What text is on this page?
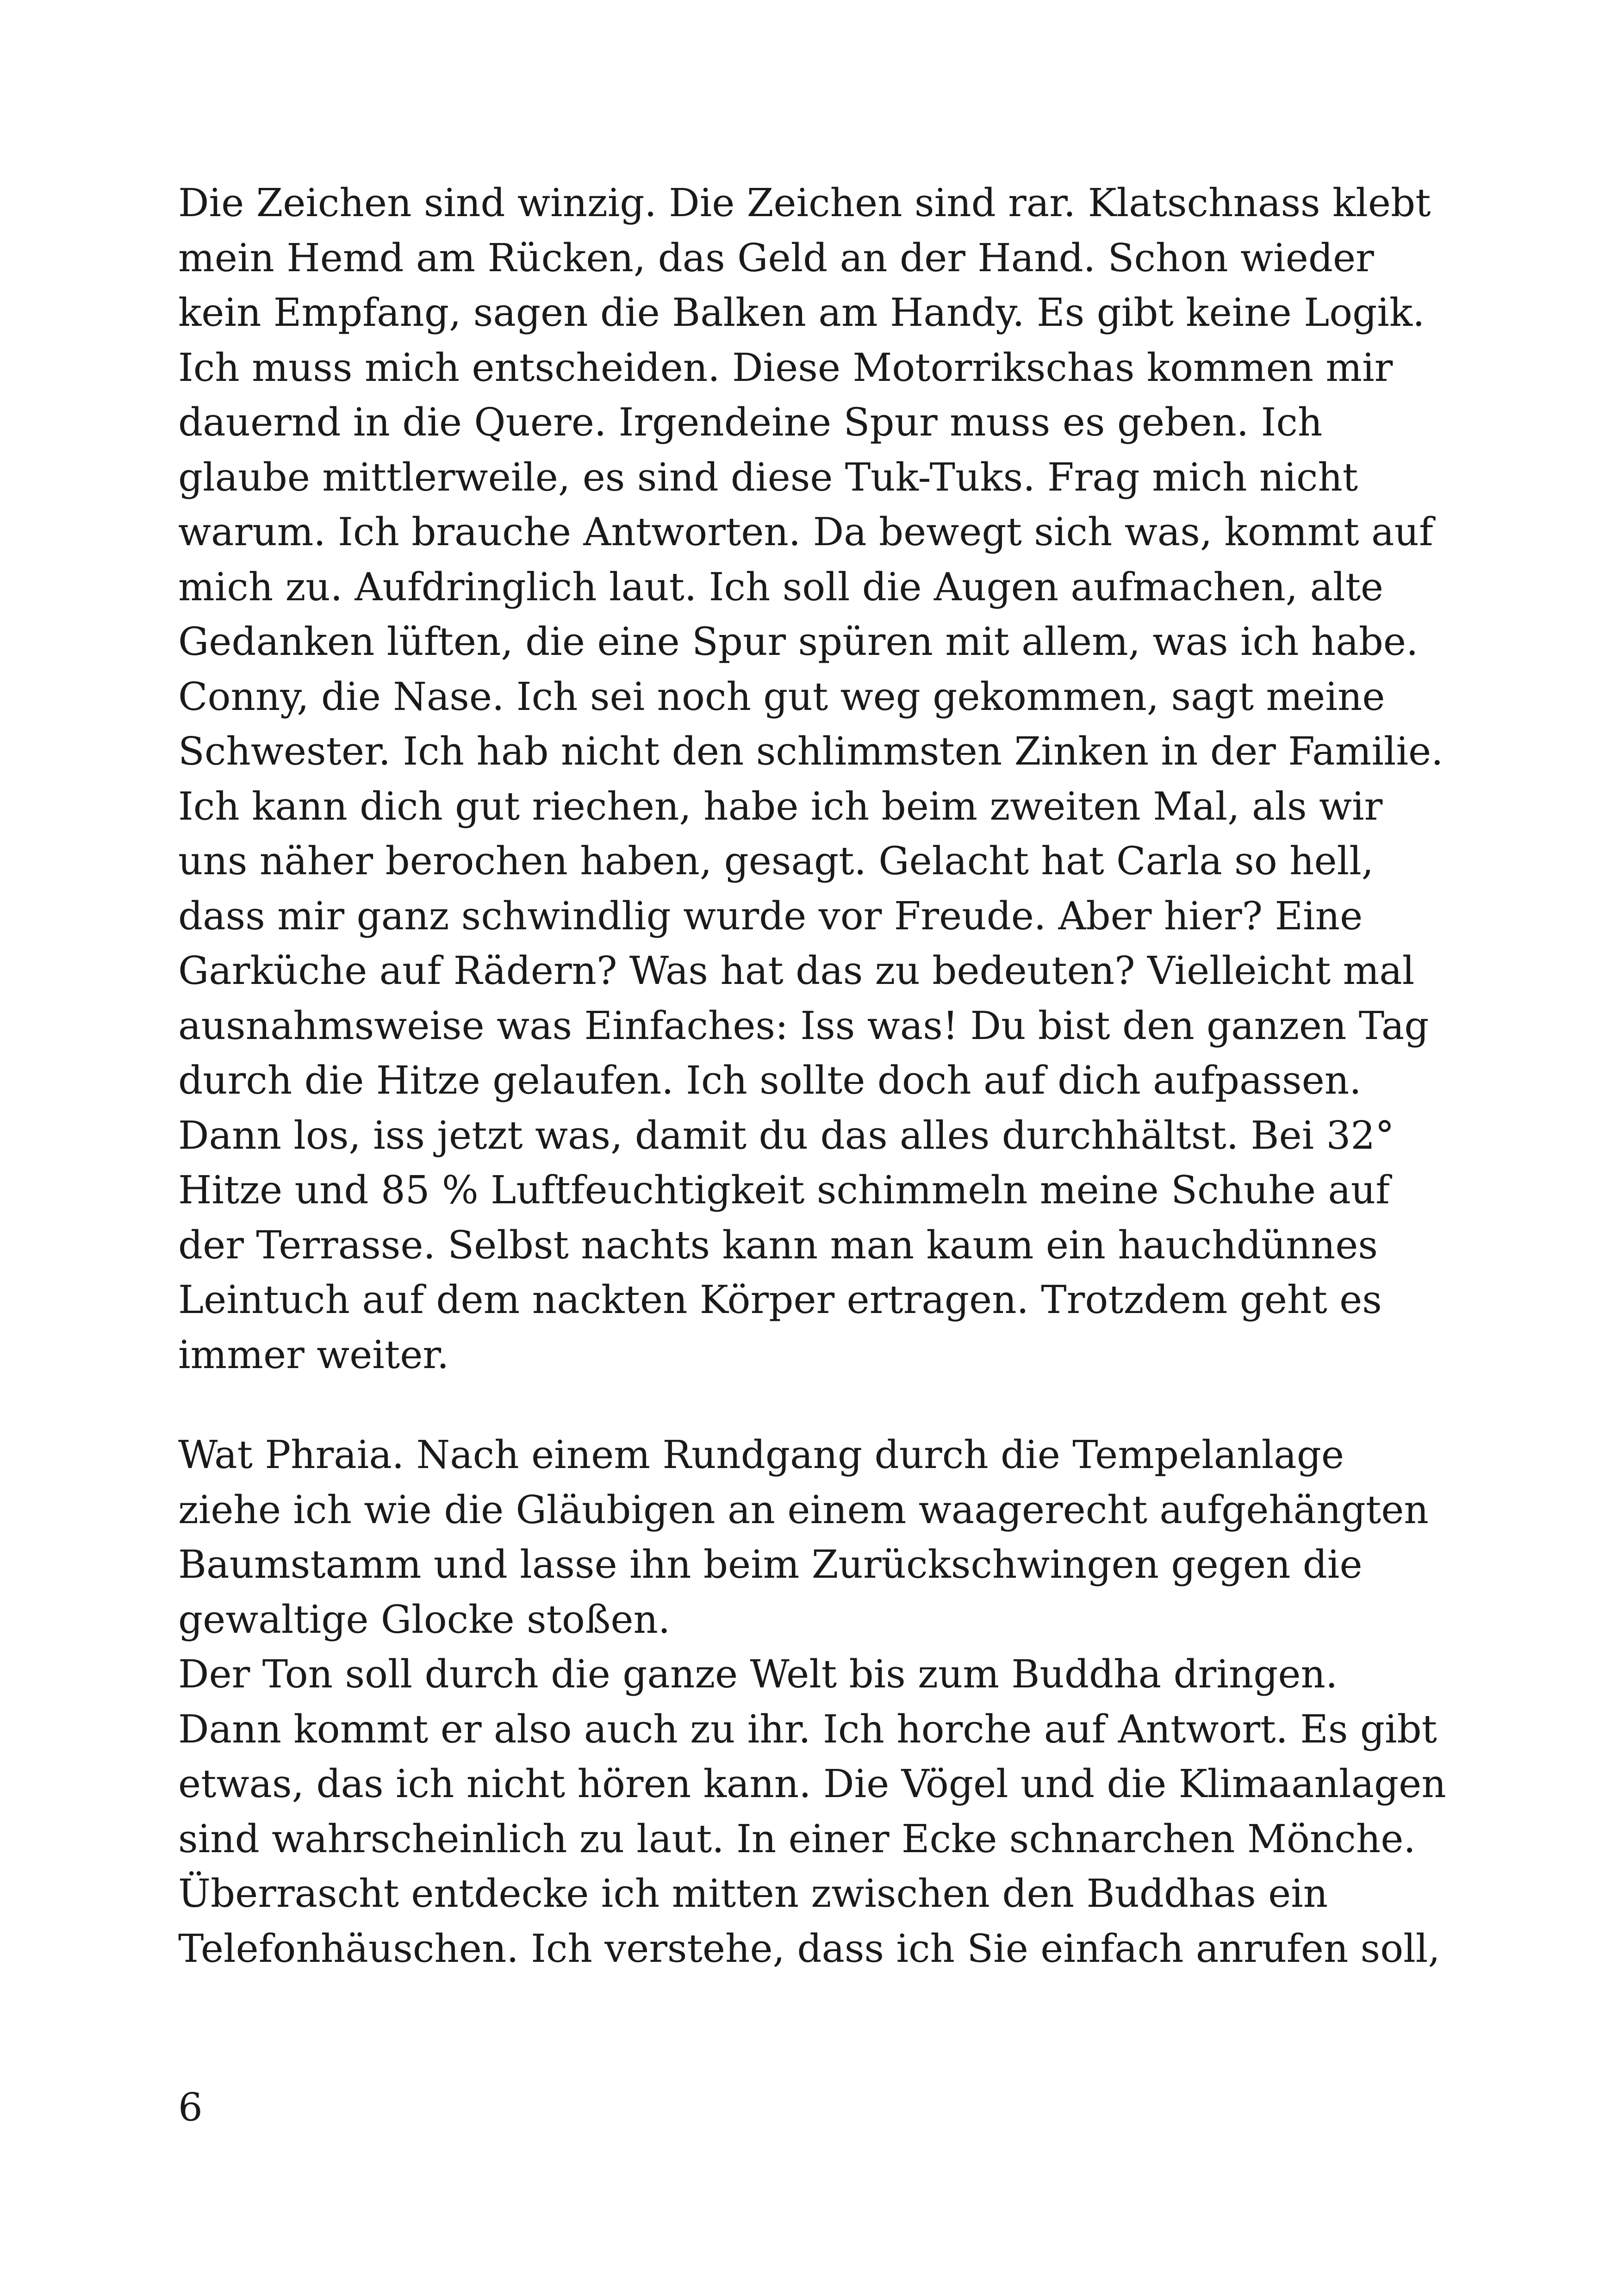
Die Zeichen sind winzig. Die Zeichen sind rar. Klatschnass klebt
mein Hemd am Rücken, das Geld an der Hand. Schon wieder
kein Empfang, sagen die Balken am Handy. Es gibt keine Logik.
Ich muss mich entscheiden. Diese Motorrikschas kommen mir
dauernd in die Quere. Irgendeine Spur muss es geben. Ich
glaube mittlerweile, es sind diese Tuk-Tuks. Frag mich nicht
warum. Ich brauche Antworten. Da bewegt sich was, kommt auf
mich zu. Aufdringlich laut. Ich soll die Augen aufmachen, alte
Gedanken lüften, die eine Spur spüren mit allem, was ich habe.
Conny, die Nase. Ich sei noch gut weg gekommen, sagt meine
Schwester. Ich hab nicht den schlimmsten Zinken in der Familie.
Ich kann dich gut riechen, habe ich beim zweiten Mal, als wir
uns näher berochen haben, gesagt. Gelacht hat Carla so hell,
dass mir ganz schwindlig wurde vor Freude. Aber hier? Eine
Garküche auf Rädern? Was hat das zu bedeuten? Vielleicht mal
ausnahmsweise was Einfaches: Iss was! Du bist den ganzen Tag
durch die Hitze gelaufen. Ich sollte doch auf dich aufpassen.
Dann los, iss jetzt was, damit du das alles durchhältst. Bei 32°
Hitze und 85 % Luftfeuchtigkeit schimmeln meine Schuhe auf
der Terrasse. Selbst nachts kann man kaum ein hauchdünnes
Leintuch auf dem nackten Körper ertragen. Trotzdem geht es
immer weiter.
Wat Phraia. Nach einem Rundgang durch die Tempelanlage
ziehe ich wie die Gläubigen an einem waagerecht aufgehängten
Baumstamm und lasse ihn beim Zurückschwingen gegen die
gewaltige Glocke stoßen.
Der Ton soll durch die ganze Welt bis zum Buddha dringen.
Dann kommt er also auch zu ihr. Ich horche auf Antwort. Es gibt
etwas, das ich nicht hören kann. Die Vögel und die Klimaanlagen
sind wahrscheinlich zu laut. In einer Ecke schnarchen Mönche.
Überrascht entdecke ich mitten zwischen den Buddhas ein
Telefonhäuschen. Ich verstehe, dass ich Sie einfach anrufen soll,
6
